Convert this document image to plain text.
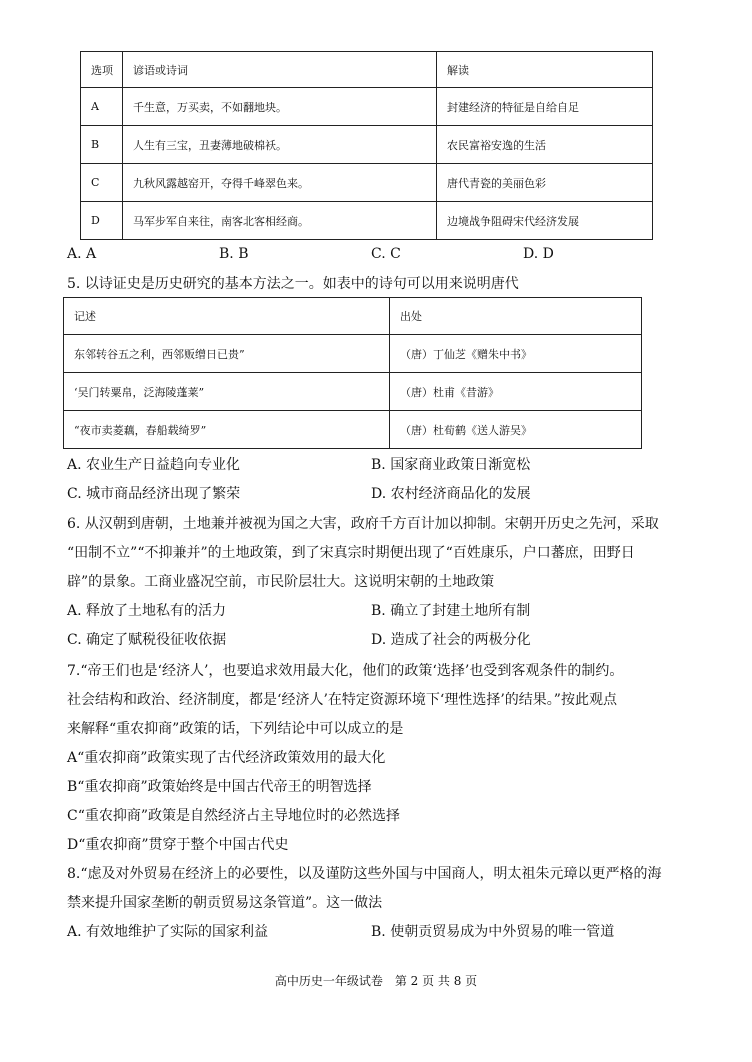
选项	谚语或诗词	解读
A	千生意，万买卖，不如翻地块。	封建经济的特征是自给自足
B	人生有三宝，丑妻薄地破棉袄。	农民富裕安逸的生活
C	九秋风露越窑开，夺得千峰翠色来。	唐代青瓷的美丽色彩
D	马军步军自来往，南客北客相经商。	边境战争阻碍宋代经济发展
A. A	B. B	C. C	D. D
5. 以诗证史是历史研究的基本方法之一。如表中的诗句可以用来说明唐代
记述	出处
东邻转谷五之利，西邻贩缯日已贵”	（唐）丁仙芝《赠朱中书》
‘吴门转粟帛，泛海陵蓬莱”	（唐）杜甫《昔游》
“夜市卖菱藕，春船载绮罗”	（唐）杜荀鹤《送人游吴》
A. 农业生产日益趋向专业化	B. 国家商业政策日渐宽松
C. 城市商品经济出现了繁荣	D. 农村经济商品化的发展
6. 从汉朝到唐朝，土地兼并被视为国之大害，政府千方百计加以抑制。宋朝开历史之先河，采取
“田制不立”“不抑兼并”的土地政策，到了宋真宗时期便出现了“百姓康乐，户口蕃庶，田野日
辟”的景象。工商业盛况空前，市民阶层壮大。这说明宋朝的土地政策
A. 释放了土地私有的活力	B. 确立了封建土地所有制
C. 确定了赋税役征收依据	D. 造成了社会的两极分化
7.“帝王们也是‘经济人’，也要追求效用最大化，他们的政策‘选择’也受到客观条件的制约。
社会结构和政治、经济制度，都是‘经济人’在特定资源环境下‘理性选择’的结果。”按此观点
来解释“重农抑商”政策的话，下列结论中可以成立的是
A“重农抑商”政策实现了古代经济政策效用的最大化
B“重农抑商”政策始终是中国古代帝王的明智选择
C“重农抑商”政策是自然经济占主导地位时的必然选择
D“重农抑商”贯穿于整个中国古代史
8.“虑及对外贸易在经济上的必要性，以及谨防这些外国与中国商人，明太祖朱元璋以更严格的海
禁来提升国家垄断的朝贡贸易这条管道”。这一做法
A. 有效地维护了实际的国家利益	B. 使朝贡贸易成为中外贸易的唯一管道
高中历史一年级试卷　第 2 页 共 8 页
